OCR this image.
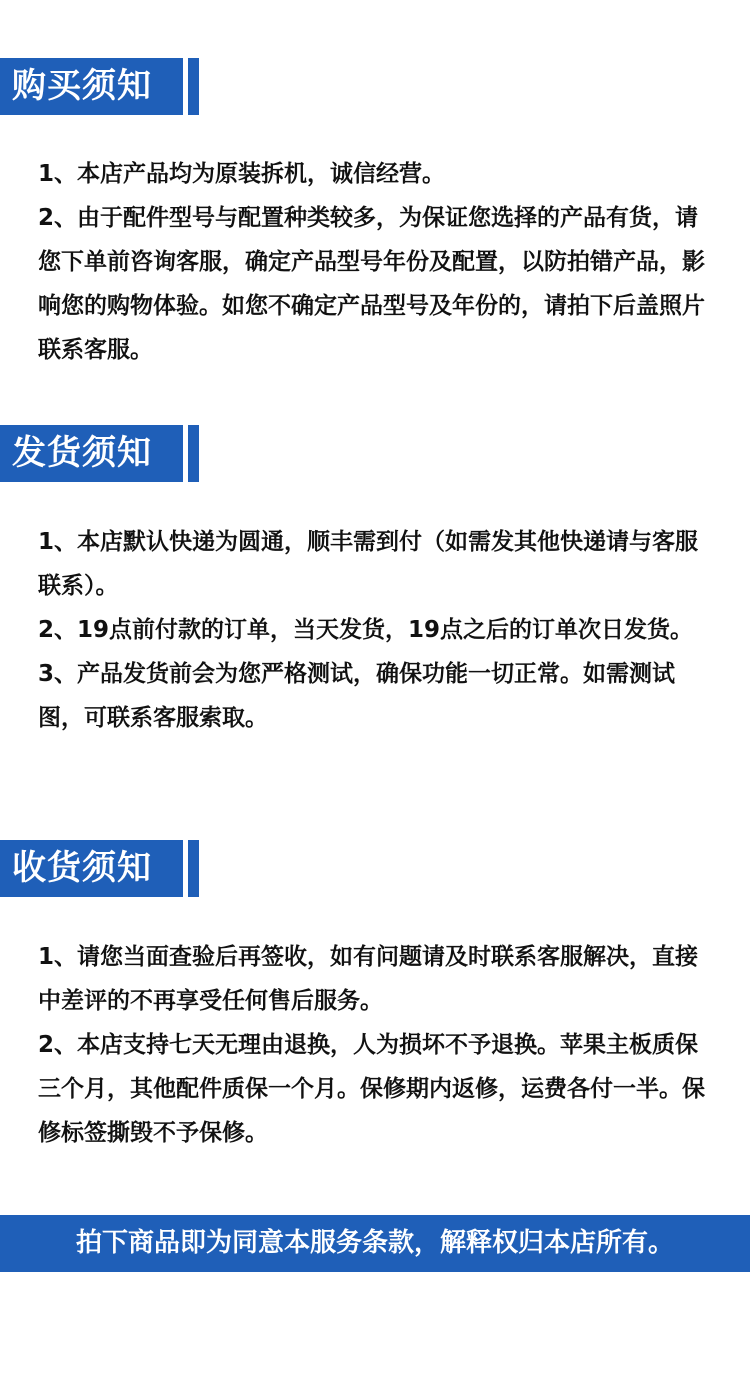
购买须知

1、本店产品均为原装拆机，诚信经营。

2、由于配件型号与配置种类较多，为保证您选择的产品有货，请您下单前咨询客服，确定产品型号年份及配置，以防拍错产品，影响您的购物体验。如您不确定产品型号及年份的，请拍下后盖照片联系客服。

发货须知

1、本店默认快递为圆通，顺丰需到付（如需发其他快递请与客服联系）。

2、19点前付款的订单，当天发货，19点之后的订单次日发货。

3、产品发货前会为您严格测试，确保功能一切正常。如需测试图，可联系客服索取。

收货须知

1、请您当面查验后再签收，如有问题请及时联系客服解决，直接中差评的不再享受任何售后服务。

2、本店支持七天无理由退换，人为损坏不予退换。苹果主板质保三个月，其他配件质保一个月。保修期内返修，运费各付一半。保修标签撕毁不予保修。

拍下商品即为同意本服务条款，解释权归本店所有。
